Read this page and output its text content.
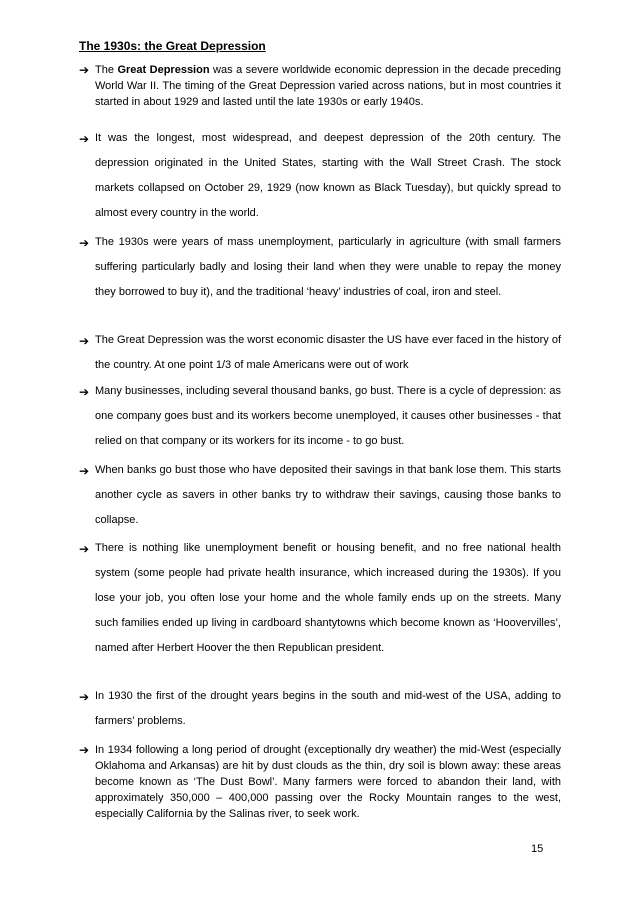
The 1930s: the Great Depression
➔ The Great Depression was a severe worldwide economic depression in the decade preceding World War II. The timing of the Great Depression varied across nations, but in most countries it started in about 1929 and lasted until the late 1930s or early 1940s.
➔ It was the longest, most widespread, and deepest depression of the 20th century. The depression originated in the United States, starting with the Wall Street Crash. The stock markets collapsed on October 29, 1929 (now known as Black Tuesday), but quickly spread to almost every country in the world.
➔ The 1930s were years of mass unemployment, particularly in agriculture (with small farmers suffering particularly badly and losing their land when they were unable to repay the money they borrowed to buy it), and the traditional ‘heavy’ industries of coal, iron and steel.
➔ The Great Depression was the worst economic disaster the US have ever faced in the history of the country. At one point 1/3 of male Americans were out of work
➔ Many businesses, including several thousand banks, go bust. There is a cycle of depression: as one company goes bust and its workers become unemployed, it causes other businesses - that relied on that company or its workers for its income - to go bust.
➔ When banks go bust those who have deposited their savings in that bank lose them. This starts another cycle as savers in other banks try to withdraw their savings, causing those banks to collapse.
➔ There is nothing like unemployment benefit or housing benefit, and no free national health system (some people had private health insurance, which increased during the 1930s). If you lose your job, you often lose your home and the whole family ends up on the streets. Many such families ended up living in cardboard shantytowns which become known as ‘Hoovervilles’, named after Herbert Hoover the then Republican president.
➔ In 1930 the first of the drought years begins in the south and mid-west of the USA, adding to farmers’ problems.
➔ In 1934 following a long period of drought (exceptionally dry weather) the mid-West (especially Oklahoma and Arkansas) are hit by dust clouds as the thin, dry soil is blown away: these areas become known as ‘The Dust Bowl’. Many farmers were forced to abandon their land, with approximately 350,000 – 400,000 passing over the Rocky Mountain ranges to the west, especially California by the Salinas river, to seek work.
15
